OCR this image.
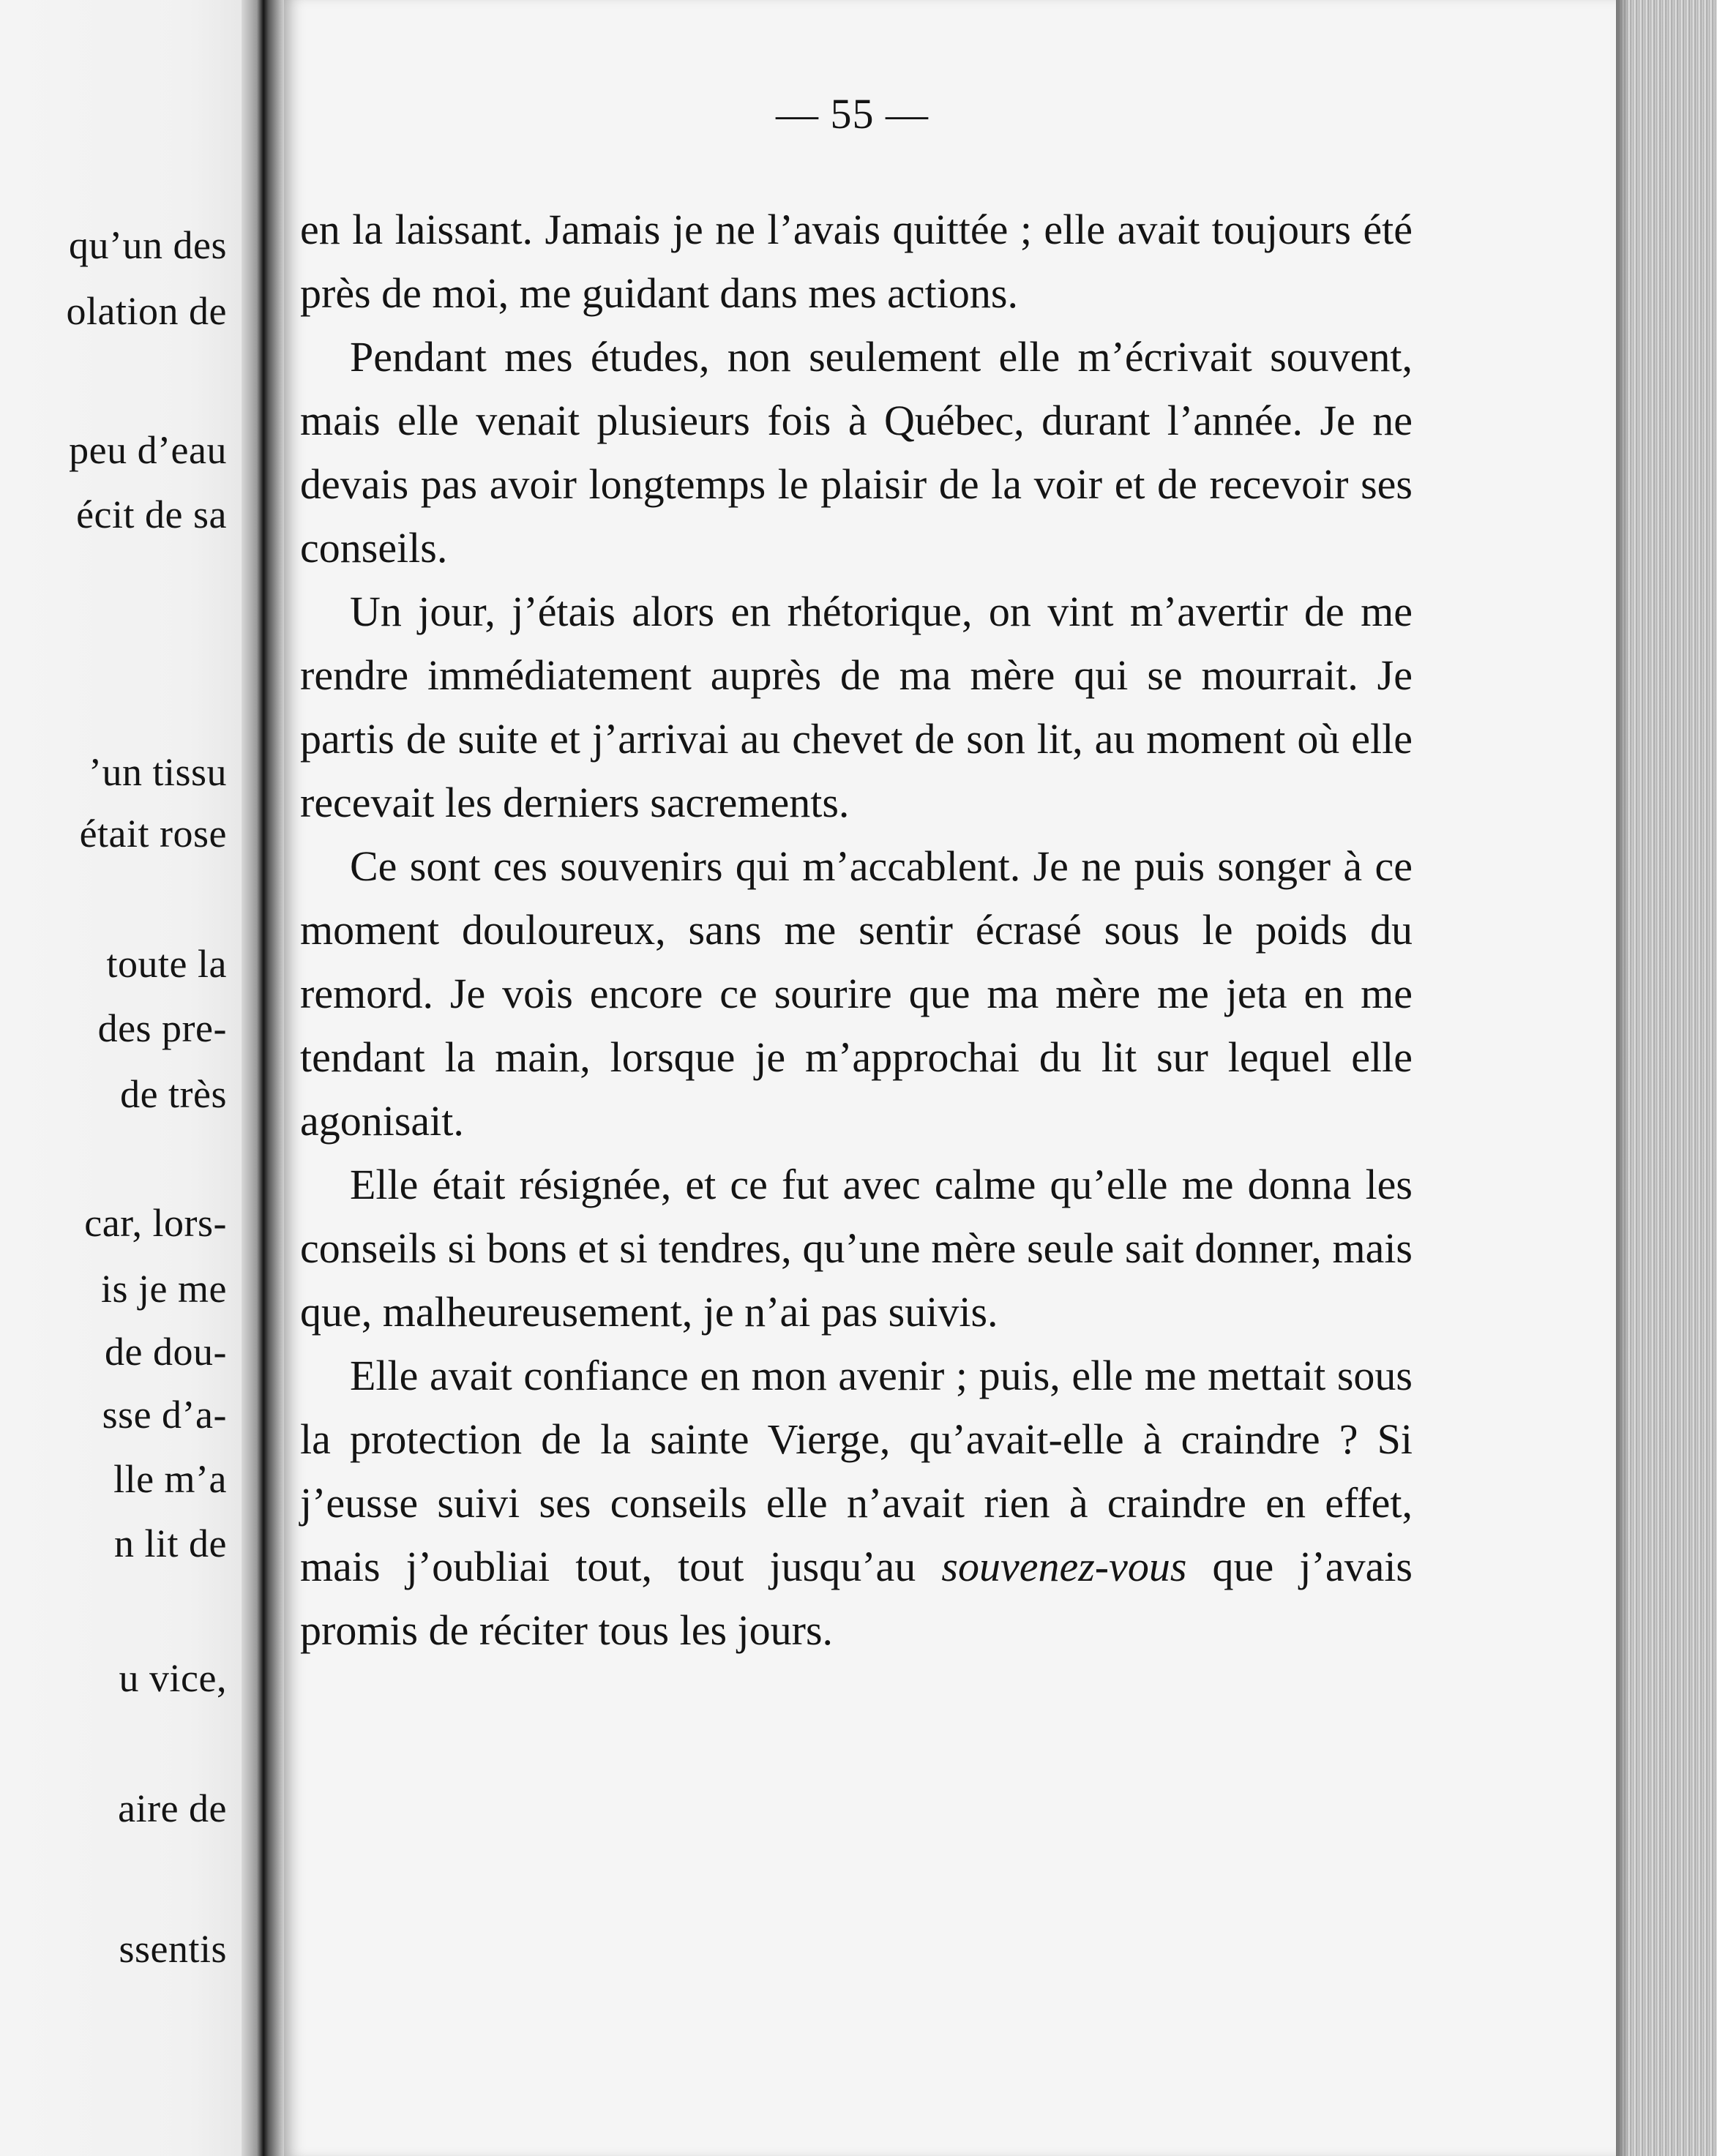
qu’un des
olation de
peu d’eau
écit de sa
’un tissu
était rose
toute la
des pre-
de très
car, lors-
is je me
de dou-
sse d’a-
lle m’a
n lit de
u vice,
aire de
ssentis
— 55 —

en la laissant. Jamais je ne l’avais quittée ; elle avait toujours été près de moi, me guidant dans mes actions.

Pendant mes études, non seulement elle m’écrivait souvent, mais elle venait plusieurs fois à Québec, durant l’année. Je ne devais pas avoir longtemps le plaisir de la voir et de recevoir ses conseils.

Un jour, j’étais alors en rhétorique, on vint m’avertir de me rendre immédiatement auprès de ma mère qui se mourrait. Je partis de suite et j’arrivai au chevet de son lit, au moment où elle recevait les derniers sacrements.

Ce sont ces souvenirs qui m’accablent. Je ne puis songer à ce moment douloureux, sans me sentir écrasé sous le poids du remord. Je vois encore ce sourire que ma mère me jeta en me tendant la main, lorsque je m’approchai du lit sur lequel elle agonisait.

Elle était résignée, et ce fut avec calme qu’elle me donna les conseils si bons et si tendres, qu’une mère seule sait donner, mais que, malheureusement, je n’ai pas suivis.

Elle avait confiance en mon avenir ; puis, elle me mettait sous la protection de la sainte Vierge, qu’avait-elle à craindre ? Si j’eusse suivi ses conseils elle n’avait rien à craindre en effet, mais j’oubliai tout, tout jusqu’au souvenez-vous que j’avais promis de réciter tous les jours.
